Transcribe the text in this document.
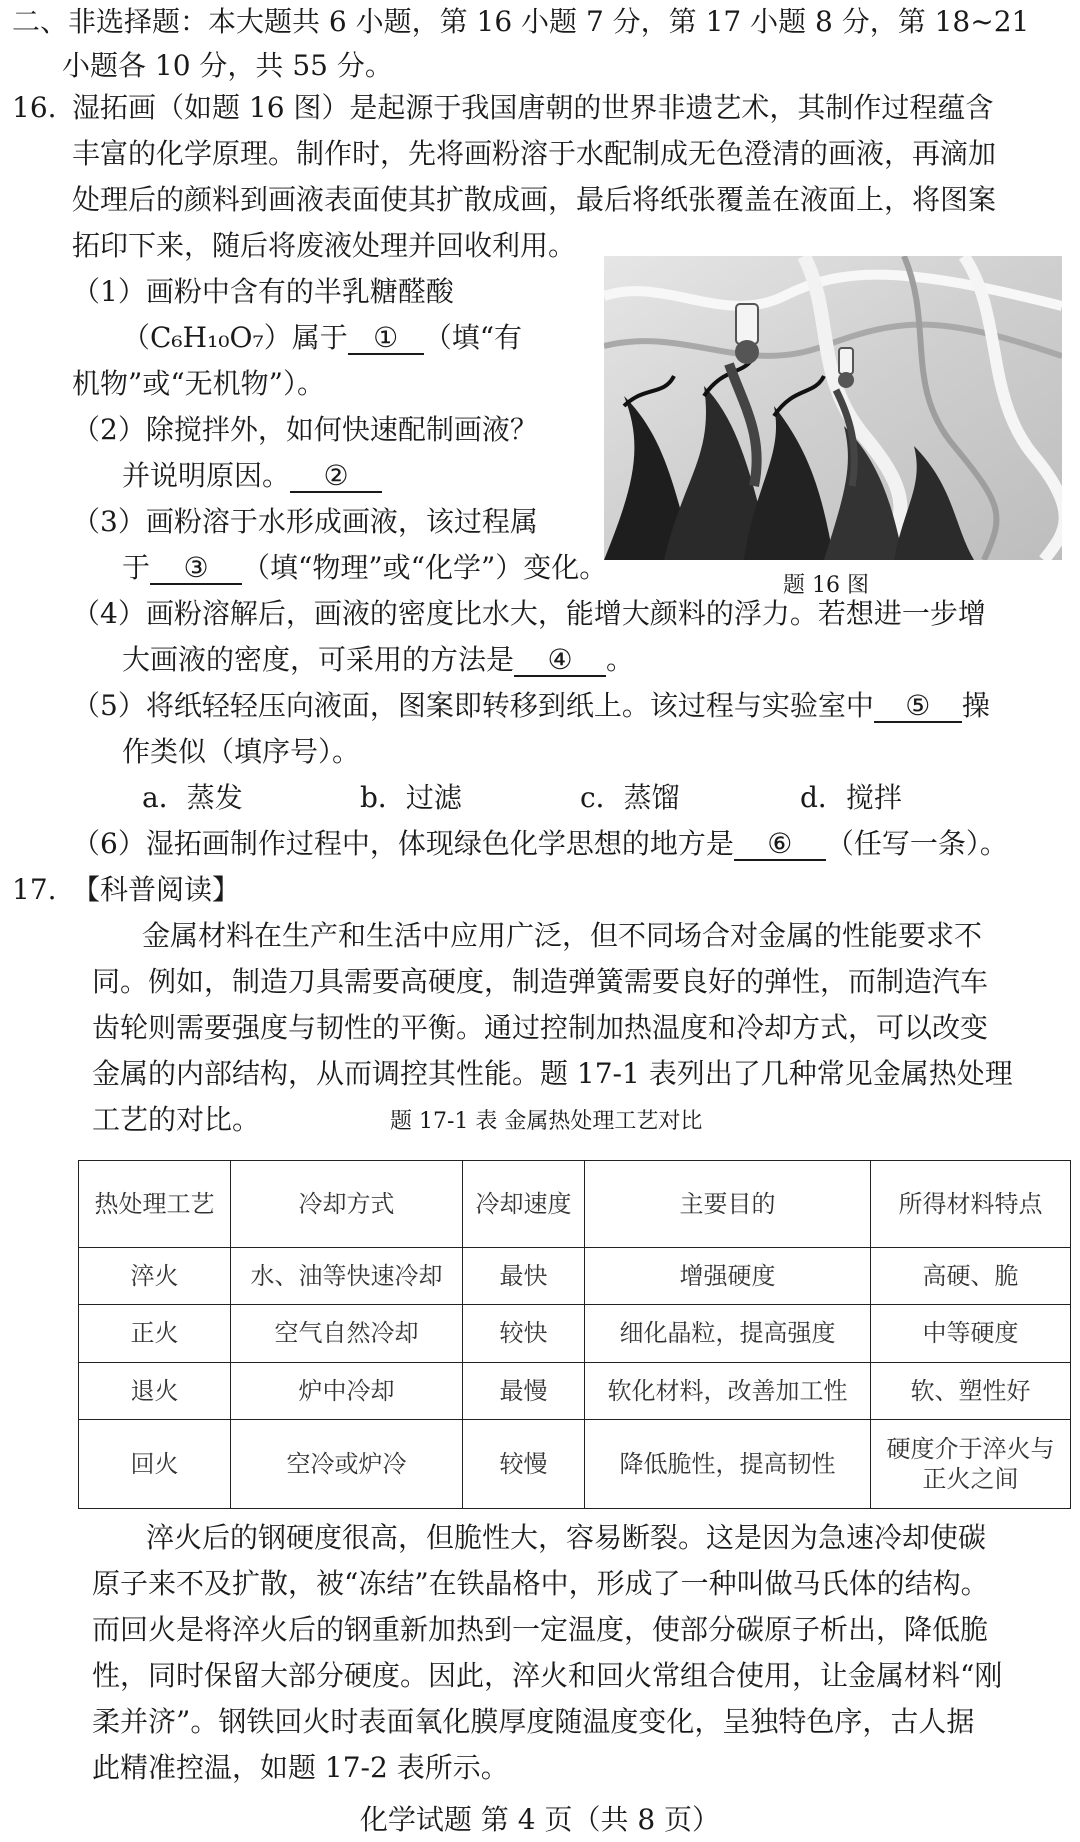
二、非选择题：本大题共 6 小题，第 16 小题 7 分，第 17 小题 8 分，第 18~21
小题各 10 分，共 55 分。
16. 湿拓画（如题 16 图）是起源于我国唐朝的世界非遗艺术，其制作过程蕴含
丰富的化学原理。制作时，先将画粉溶于水配制成无色澄清的画液，再滴加
处理后的颜料到画液表面使其扩散成画，最后将纸张覆盖在液面上，将图案
拓印下来，随后将废液处理并回收利用。
（1）画粉中含有的半乳糖醛酸
（C₆H₁₀O₇）属于 ① （填“有
机物”或“无机物”）。
（2）除搅拌外，如何快速配制画液？
并说明原因。 ②
（3）画粉溶于水形成画液，该过程属
于 ③ （填“物理”或“化学”）变化。
题 16 图
（4）画粉溶解后，画液的密度比水大，能增大颜料的浮力。若想进一步增
大画液的密度，可采用的方法是 ④ 。
（5）将纸轻轻压向液面，图案即转移到纸上。该过程与实验室中 ⑤ 操
作类似（填序号）。
a．蒸发	b．过滤	c．蒸馏	d．搅拌
（6）湿拓画制作过程中，体现绿色化学思想的地方是 ⑥ （任写一条）。
17. 【科普阅读】
金属材料在生产和生活中应用广泛，但不同场合对金属的性能要求不
同。例如，制造刀具需要高硬度，制造弹簧需要良好的弹性，而制造汽车
齿轮则需要强度与韧性的平衡。通过控制加热温度和冷却方式，可以改变
金属的内部结构，从而调控其性能。题 17-1 表列出了几种常见金属热处理
工艺的对比。	题 17-1 表 金属热处理工艺对比
热处理工艺	冷却方式	冷却速度	主要目的	所得材料特点
淬火	水、油等快速冷却	最快	增强硬度	高硬、脆
正火	空气自然冷却	较快	细化晶粒，提高强度	中等硬度
退火	炉中冷却	最慢	软化材料，改善加工性	软、塑性好
回火	空冷或炉冷	较慢	降低脆性，提高韧性	硬度介于淬火与正火之间
淬火后的钢硬度很高，但脆性大，容易断裂。这是因为急速冷却使碳
原子来不及扩散，被“冻结”在铁晶格中，形成了一种叫做马氏体的结构。
而回火是将淬火后的钢重新加热到一定温度，使部分碳原子析出，降低脆
性，同时保留大部分硬度。因此，淬火和回火常组合使用，让金属材料“刚
柔并济”。钢铁回火时表面氧化膜厚度随温度变化，呈独特色序，古人据
此精准控温，如题 17-2 表所示。
化学试题 第 4 页（共 8 页）
